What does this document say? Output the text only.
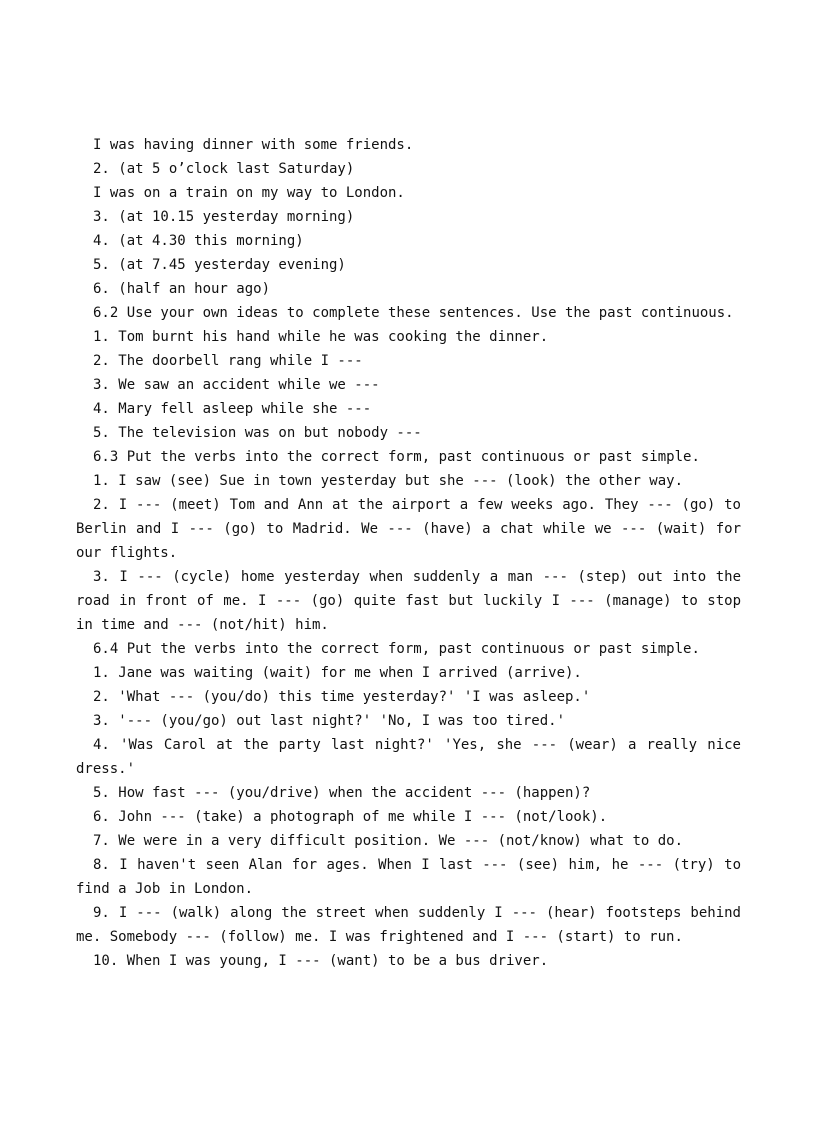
I was having dinner with some friends.
2. (at 5 o’clock last Saturday)
I was on a train on my way to London.
3. (at 10.15 yesterday morning)
4. (at 4.30 this morning)
5. (at 7.45 yesterday evening)
6. (half an hour ago)
6.2 Use your own ideas to complete these sentences. Use the past continuous.
1. Tom burnt his hand while he was cooking the dinner.
2. The doorbell rang while I ---
3. We saw an accident while we ---
4. Mary fell asleep while she ---
5. The television was on but nobody ---
6.3 Put the verbs into the correct form, past continuous or past simple.
1. I saw (see) Sue in town yesterday but she --- (look) the other way.
2. I --- (meet) Tom and Ann at the airport a few weeks ago. They --- (go) to Berlin and I --- (go) to Madrid. We --- (have) a chat while we --- (wait) for our flights.
3. I --- (cycle) home yesterday when suddenly a man --- (step) out into the road in front of me. I --- (go) quite fast but luckily I --- (manage) to stop in time and --- (not/hit) him.
6.4 Put the verbs into the correct form, past continuous or past simple.
1. Jane was waiting (wait) for me when I arrived (arrive).
2. 'What --- (you/do) this time yesterday?' 'I was asleep.'
3. '--- (you/go) out last night?' 'No, I was too tired.'
4. 'Was Carol at the party last night?' 'Yes, she --- (wear) a really nice dress.'
5. How fast --- (you/drive) when the accident --- (happen)?
6. John --- (take) a photograph of me while I --- (not/look).
7. We were in a very difficult position. We --- (not/know) what to do.
8. I haven't seen Alan for ages. When I last --- (see) him, he --- (try) to find a Job in London.
9. I --- (walk) along the street when suddenly I --- (hear) footsteps behind me. Somebody --- (follow) me. I was frightened and I --- (start) to run.
10. When I was young, I --- (want) to be a bus driver.
